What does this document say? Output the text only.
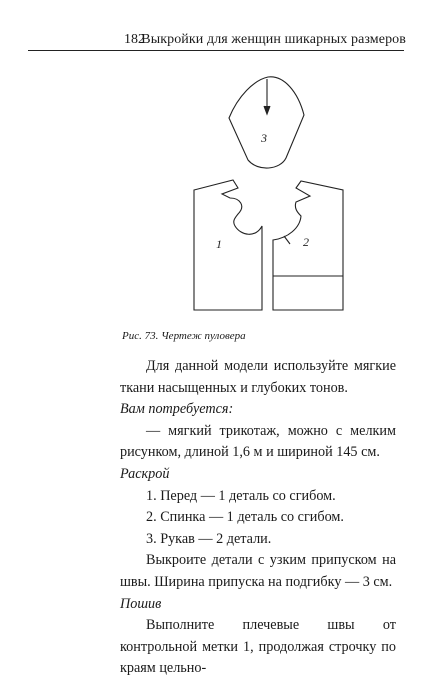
182
Выкройки для женщин шикарных размеров
3
1	2
Рис. 73. Чертеж пуловера

Для данной модели используйте мягкие ткани насыщенных и глубоких тонов.

Вам потребуется:

— мягкий трикотаж, можно с мелким рисунком, длиной 1,6 м и шириной 145 см.

Раскрой

1. Перед — 1 деталь со сгибом.

2. Спинка — 1 деталь со сгибом.

3. Рукав — 2 детали.

Выкроите детали с узким припуском на швы. Ширина припуска на подгибку — 3 см.

Пошив

Выполните плечевые швы от контрольной метки 1, продолжая строчку по краям цельно-
